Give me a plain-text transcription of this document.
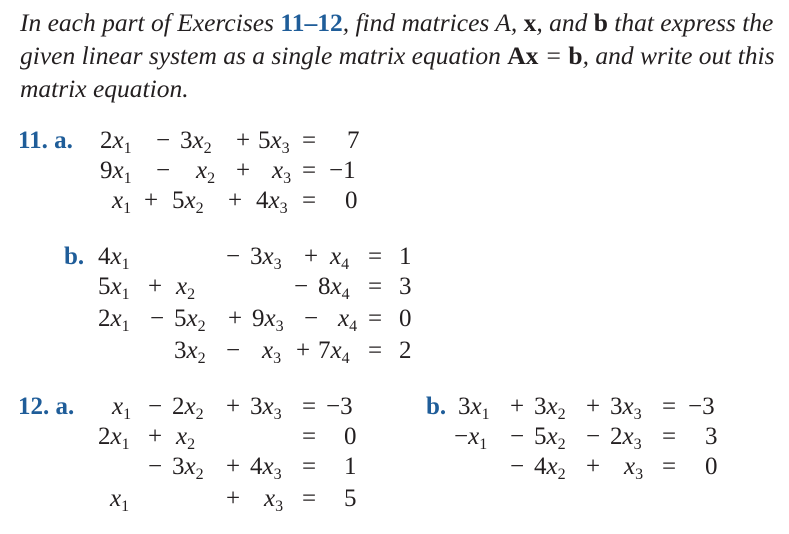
In each part of Exercises 11–12, find matrices A, x, and b that express the given linear system as a single matrix equation Ax = b, and write out this matrix equation.
11. a. $2x_1 - 3x_2 + 5x_3 = 7$
$9x_1 - x_2 + x_3 = -1$
$x_1 + 5x_2 + 4x_3 = 0$
b. $4x_1$	− $3x_3 + x_4 = 1$
$5x_1 + x_2$	− $8x_4 = 3$
$2x_1 - 5x_2 + 9x_3 - x_4 = 0$
$3x_2 - x_3 + 7x_4 = 2$
12. a. $x_1 - 2x_2 + 3x_3 = -3$
$2x_1 + x_2$	= 0
− $3x_2 + 4x_3 = 1$
$x_1$	+ $x_3 = 5$
b. $3x_1 + 3x_2 + 3x_3 = -3$
$-x_1 - 5x_2 - 2x_3 = 3$
− $4x_2 + x_3 = 0$
